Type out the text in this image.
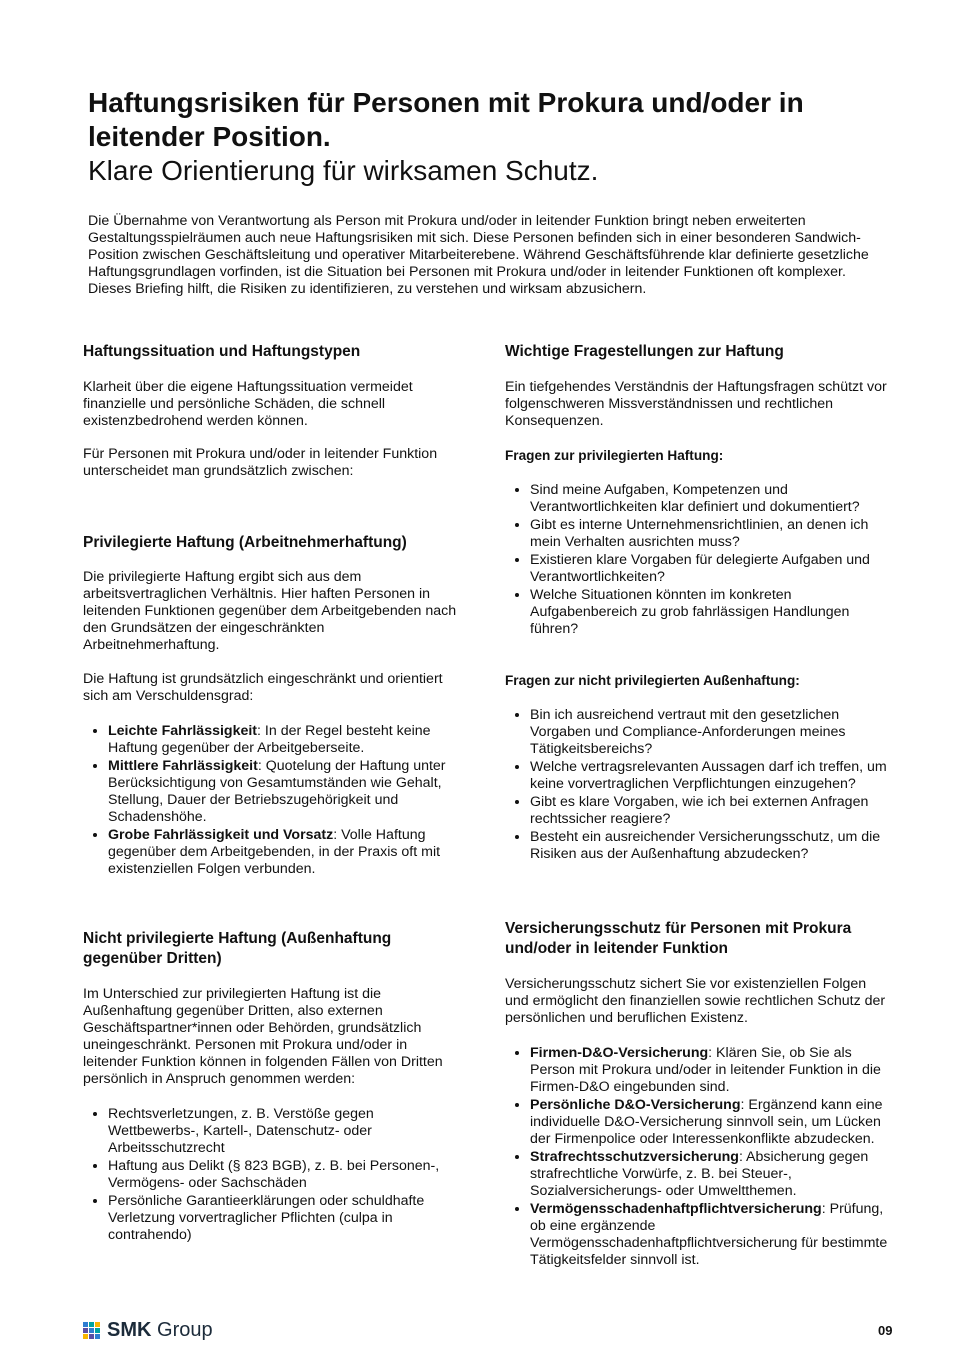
Haftungsrisiken für Personen mit Prokura und/oder in leitender Position.

Klare Orientierung für wirksamen Schutz.

Die Übernahme von Verantwortung als Person mit Prokura und/oder in leitender Funktion bringt neben erweiterten Gestaltungsspielräumen auch neue Haftungsrisiken mit sich. Diese Personen befinden sich in einer besonderen Sandwich-Position zwischen Geschäftsleitung und operativer Mitarbeiterebene. Während Geschäftsführende klar definierte gesetzliche Haftungsgrundlagen vorfinden, ist die Situation bei Personen mit Prokura und/oder in leitender Funktionen oft komplexer. Dieses Briefing hilft, die Risiken zu identifizieren, zu verstehen und wirksam abzusichern.

Haftungssituation und Haftungstypen

Klarheit über die eigene Haftungssituation vermeidet finanzielle und persönliche Schäden, die schnell existenzbedrohend werden können.

Für Personen mit Prokura und/oder in leitender Funktion unterscheidet man grundsätzlich zwischen:

Privilegierte Haftung (Arbeitnehmerhaftung)

Die privilegierte Haftung ergibt sich aus dem arbeitsvertraglichen Verhältnis. Hier haften Personen in leitenden Funktionen gegenüber dem Arbeitgebenden nach den Grundsätzen der eingeschränkten Arbeitnehmerhaftung.

Die Haftung ist grundsätzlich eingeschränkt und orientiert sich am Verschuldensgrad:

• Leichte Fahrlässigkeit: In der Regel besteht keine Haftung gegenüber der Arbeitgeberseite.
• Mittlere Fahrlässigkeit: Quotelung der Haftung unter Berücksichtigung von Gesamtumständen wie Gehalt, Stellung, Dauer der Betriebszugehörigkeit und Schadenshöhe.
• Grobe Fahrlässigkeit und Vorsatz: Volle Haftung gegenüber dem Arbeitgebenden, in der Praxis oft mit existenziellen Folgen verbunden.
Nicht privilegierte Haftung (Außenhaftung gegenüber Dritten)

Im Unterschied zur privilegierten Haftung ist die Außenhaftung gegenüber Dritten, also externen Geschäftspartner*innen oder Behörden, grundsätzlich uneingeschränkt. Personen mit Prokura und/oder in leitender Funktion können in folgenden Fällen von Dritten persönlich in Anspruch genommen werden:

• Rechtsverletzungen, z. B. Verstöße gegen Wettbewerbs-, Kartell-, Datenschutz- oder Arbeitsschutzrecht
• Haftung aus Delikt (§ 823 BGB), z. B. bei Personen-, Vermögens- oder Sachschäden
• Persönliche Garantieerklärungen oder schuldhafte Verletzung vorvertraglicher Pflichten (culpa in contrahendo)
Wichtige Fragestellungen zur Haftung

Ein tiefgehendes Verständnis der Haftungsfragen schützt vor folgenschweren Missverständnissen und rechtlichen Konsequenzen.

Fragen zur privilegierten Haftung:

• Sind meine Aufgaben, Kompetenzen und Verantwortlichkeiten klar definiert und dokumentiert?
• Gibt es interne Unternehmensrichtlinien, an denen ich mein Verhalten ausrichten muss?
• Existieren klare Vorgaben für delegierte Aufgaben und Verantwortlichkeiten?
• Welche Situationen könnten im konkreten Aufgabenbereich zu grob fahrlässigen Handlungen führen?

Fragen zur nicht privilegierten Außenhaftung:

• Bin ich ausreichend vertraut mit den gesetzlichen Vorgaben und Compliance-Anforderungen meines Tätigkeitsbereichs?
• Welche vertragsrelevanten Aussagen darf ich treffen, um keine vorvertraglichen Verpflichtungen einzugehen?
• Gibt es klare Vorgaben, wie ich bei externen Anfragen rechtssicher reagiere?
• Besteht ein ausreichender Versicherungsschutz, um die Risiken aus der Außenhaftung abzudecken?
Versicherungsschutz für Personen mit Prokura und/oder in leitender Funktion

Versicherungsschutz sichert Sie vor existenziellen Folgen und ermöglicht den finanziellen sowie rechtlichen Schutz der persönlichen und beruflichen Existenz.

• Firmen-D&O-Versicherung: Klären Sie, ob Sie als Person mit Prokura und/oder in leitender Funktion in die Firmen-D&O eingebunden sind.
• Persönliche D&O-Versicherung: Ergänzend kann eine individuelle D&O-Versicherung sinnvoll sein, um Lücken der Firmenpolice oder Interessenkonflikte abzudecken.
• Strafrechtsschutzversicherung: Absicherung gegen strafrechtliche Vorwürfe, z. B. bei Steuer-, Sozialversicherungs- oder Umweltthemen.
• Vermögensschadenhaftpflichtversicherung: Prüfung, ob eine ergänzende Vermögensschadenhaftpflichtversicherung für bestimmte Tätigkeitsfelder sinnvoll ist.
SMK Group	09
